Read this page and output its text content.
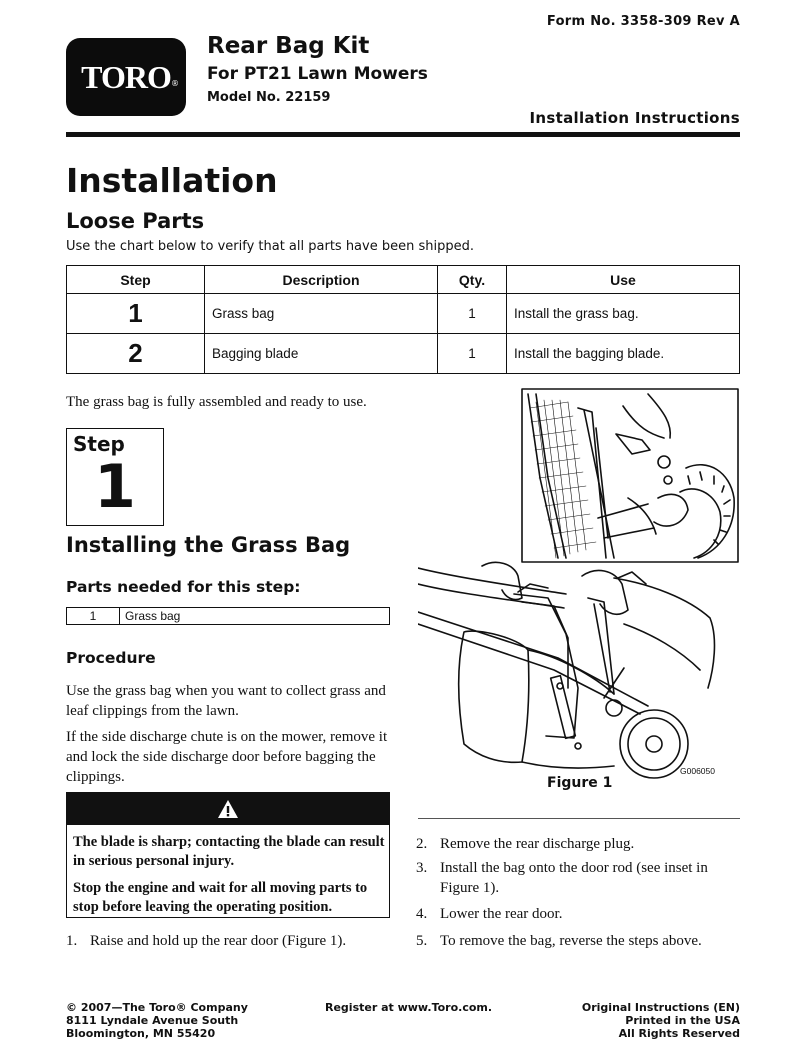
TORO ®
Form No. 3358-309 Rev A
Rear Bag Kit
For PT21 Lawn Mowers
Model No. 22159
Installation Instructions
Installation
Loose Parts
Use the chart below to verify that all parts have been shipped.
Step	Description	Qty.	Use
1	Grass bag	1	Install the grass bag.
2	Bagging blade	1	Install the bagging blade.
The grass bag is fully assembled and ready to use.
Step
1
Installing the Grass Bag
Parts needed for this step:
1	Grass bag
Procedure
Use the grass bag when you want to collect grass and leaf clippings from the lawn.
If the side discharge chute is on the mower, remove it and lock the side discharge door before bagging the clippings.
The blade is sharp; contacting the blade can result in serious personal injury.
Stop the engine and wait for all moving parts to stop before leaving the operating position.
1. Raise and hold up the rear door (Figure 1).
G006050
Figure 1
2. Remove the rear discharge plug.
3. Install the bag onto the door rod (see inset in Figure 1).
4. Lower the rear door.
5. To remove the bag, reverse the steps above.
© 2007—The Toro® Company
8111 Lyndale Avenue South
Bloomington, MN 55420
Register at www.Toro.com.	Original Instructions (EN)
Printed in the USA
All Rights Reserved
